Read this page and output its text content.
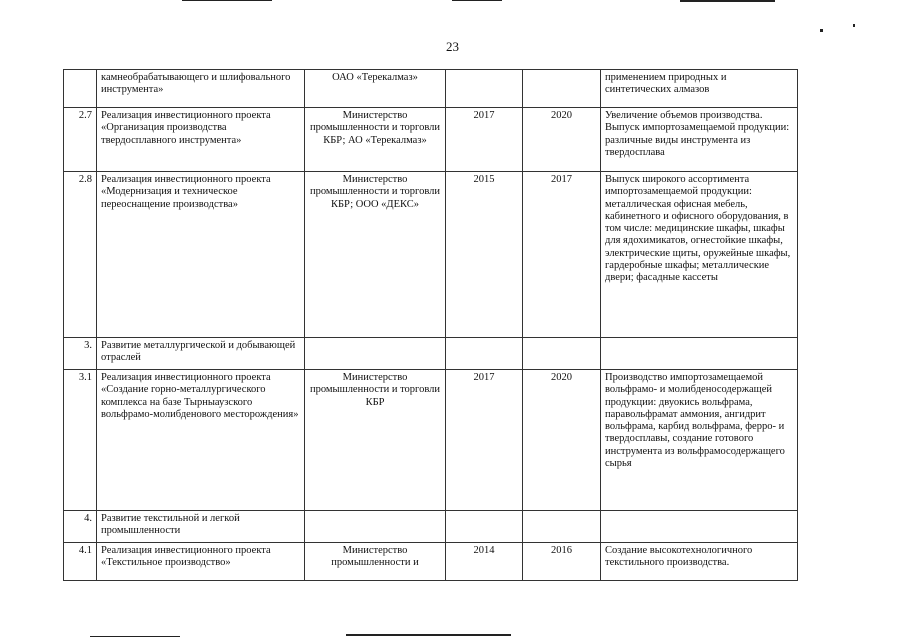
23
	камнеобрабатывающего и шлифовального инструмента»	ОАО «Терекалмаз»			применением природных и синтетических алмазов
2.7	Реализация инвестиционного проекта «Организация производства твердосплавного инструмента»	Министерство промышленности и торговли КБР; АО «Терекалмаз»	2017	2020	Увеличение объемов производства. Выпуск импортозамещаемой продукции: различные виды инструмента из твердосплава
2.8	Реализация инвестиционного проекта «Модернизация и техническое переоснащение производства»	Министерство промышленности и торговли КБР; ООО «ДЕКС»	2015	2017	Выпуск широкого ассортимента импортозамещаемой продукции: металлическая офисная мебель, кабинетного и офисного оборудования, в том числе: медицинские шкафы, шкафы для ядохимикатов, огнестойкие шкафы, электрические щиты, оружейные шкафы, гардеробные шкафы; металлические двери; фасадные кассеты
3.	Развитие металлургической и добывающей отраслей				
3.1	Реализация инвестиционного проекта «Создание горно-металлургического комплекса на базе Тырныаузского вольфрамо-молибденового месторождения»	Министерство промышленности и торговли КБР	2017	2020	Производство импортозамещаемой вольфрамо- и молибденосодержащей продукции: двуокись вольфрама, паравольфрамат аммония, ангидрит вольфрама, карбид вольфрама, ферро- и твердосплавы, создание готового инструмента из вольфрамосодержащего сырья
4.	Развитие текстильной и легкой промышленности				
4.1	Реализация инвестиционного проекта «Текстильное производство»	Министерство промышленности и	2014	2016	Создание высокотехнологичного текстильного производства.
